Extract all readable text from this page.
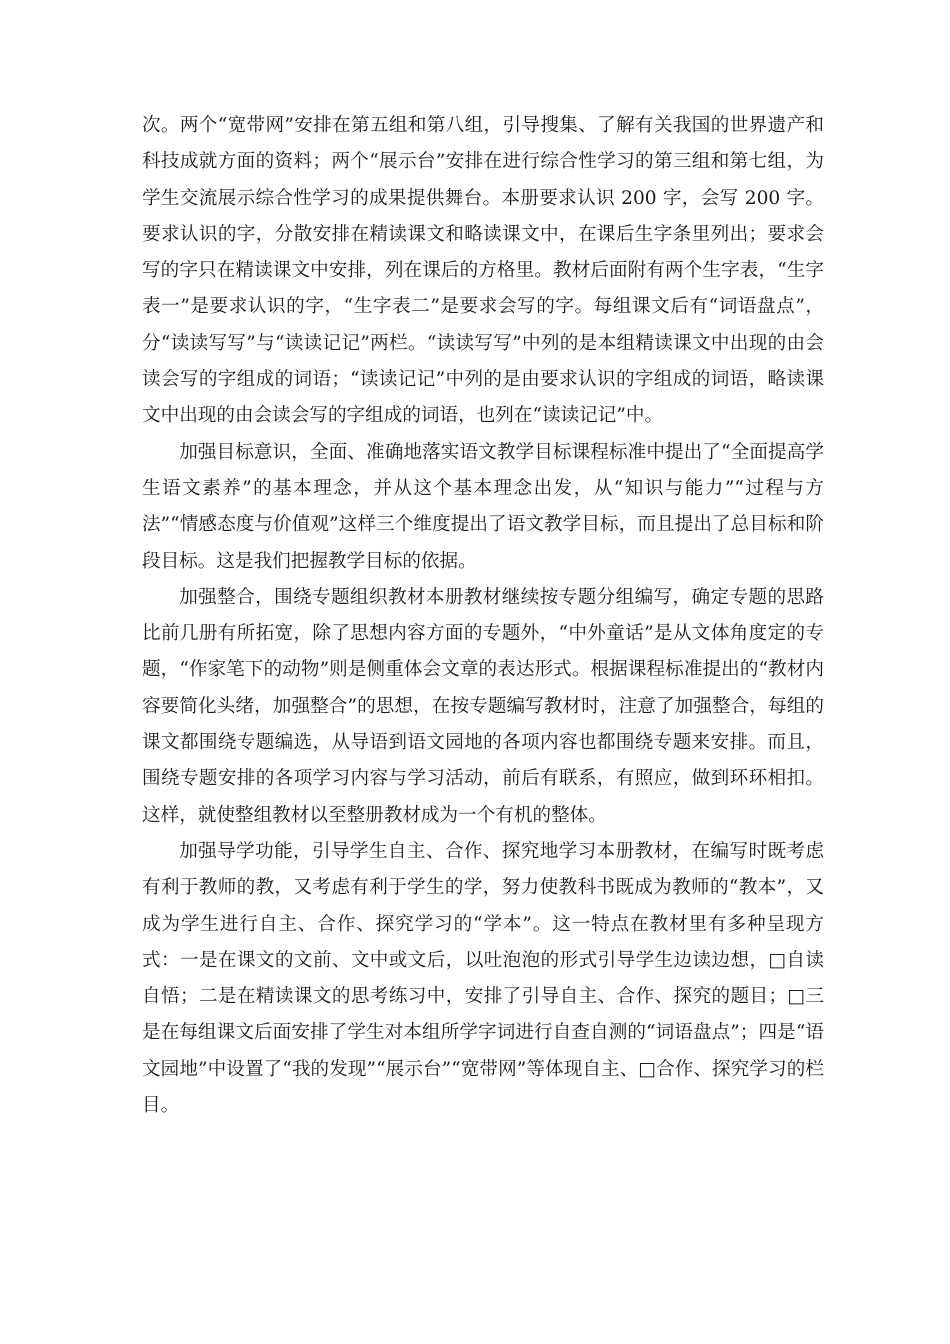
次。两个“宽带网”安排在第五组和第八组，引导搜集、了解有关我国的世界遗产和科技成就方面的资料；两个“展示台”安排在进行综合性学习的第三组和第七组，为学生交流展示综合性学习的成果提供舞台。本册要求认识 200 字，会写 200 字。要求认识的字，分散安排在精读课文和略读课文中，在课后生字条里列出；要求会写的字只在精读课文中安排，列在课后的方格里。教材后面附有两个生字表，“生字表一”是要求认识的字，“生字表二”是要求会写的字。每组课文后有“词语盘点”，分“读读写写”与“读读记记”两栏。“读读写写”中列的是本组精读课文中出现的由会读会写的字组成的词语；“读读记记”中列的是由要求认识的字组成的词语，略读课文中出现的由会读会写的字组成的词语，也列在“读读记记”中。

加强目标意识，全面、准确地落实语文教学目标课程标准中提出了“全面提高学生语文素养”的基本理念，并从这个基本理念出发，从“知识与能力”“过程与方法”“情感态度与价值观”这样三个维度提出了语文教学目标，而且提出了总目标和阶段目标。这是我们把握教学目标的依据。

加强整合，围绕专题组织教材本册教材继续按专题分组编写，确定专题的思路比前几册有所拓宽，除了思想内容方面的专题外，“中外童话”是从文体角度定的专题，“作家笔下的动物”则是侧重体会文章的表达形式。根据课程标准提出的“教材内容要简化头绪，加强整合”的思想，在按专题编写教材时，注意了加强整合，每组的课文都围绕专题编选，从导语到语文园地的各项内容也都围绕专题来安排。而且，围绕专题安排的各项学习内容与学习活动，前后有联系，有照应，做到环环相扣。这样，就使整组教材以至整册教材成为一个有机的整体。

加强导学功能，引导学生自主、合作、探究地学习本册教材，在编写时既考虑有利于教师的教，又考虑有利于学生的学，努力使教科书既成为教师的“教本”，又成为学生进行自主、合作、探究学习的“学本”。这一特点在教材里有多种呈现方式：一是在课文的文前、文中或文后，以吐泡泡的形式引导学生边读边想，□自读自悟；二是在精读课文的思考练习中，安排了引导自主、合作、探究的题目；□三是在每组课文后面安排了学生对本组所学字词进行自查自测的“词语盘点”；四是“语文园地”中设置了“我的发现”“展示台”“宽带网”等体现自主、□合作、探究学习的栏目。
